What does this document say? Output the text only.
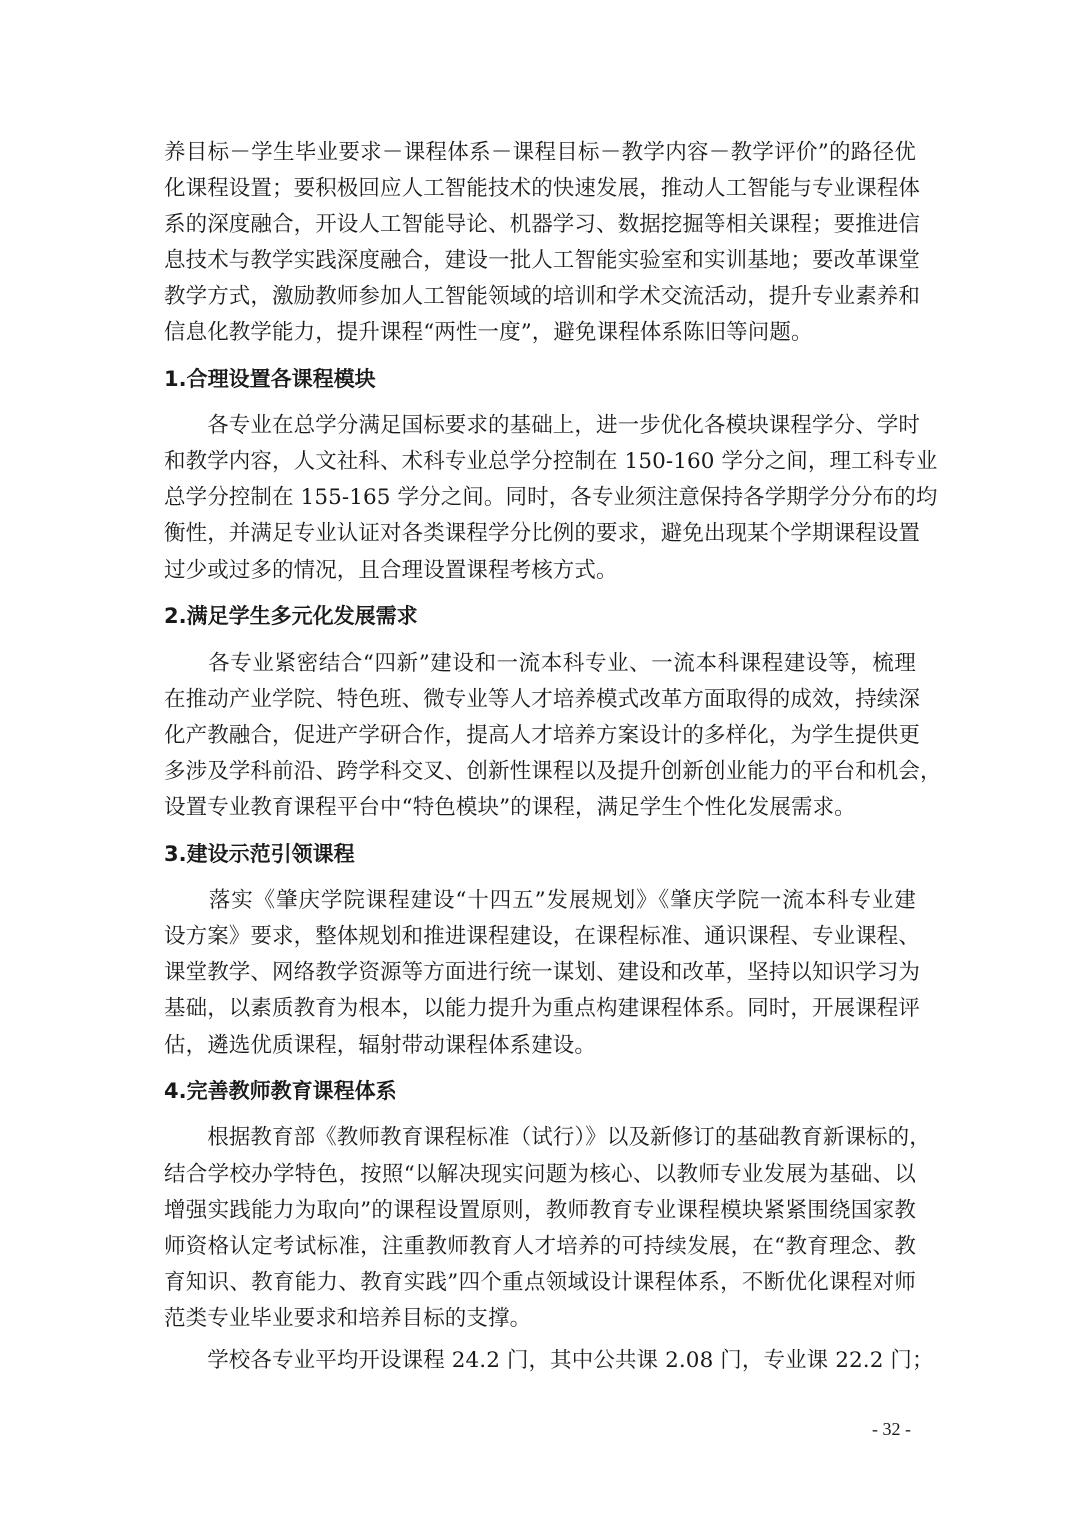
养目标－学生毕业要求－课程体系－课程目标－教学内容－教学评价”的路径优
化课程设置；要积极回应人工智能技术的快速发展，推动人工智能与专业课程体
系的深度融合，开设人工智能导论、机器学习、数据挖掘等相关课程；要推进信
息技术与教学实践深度融合，建设一批人工智能实验室和实训基地；要改革课堂
教学方式，激励教师参加人工智能领域的培训和学术交流活动，提升专业素养和
信息化教学能力，提升课程“两性一度”，避免课程体系陈旧等问题。
1.合理设置各课程模块
　　各专业在总学分满足国标要求的基础上，进一步优化各模块课程学分、学时
和教学内容，人文社科、术科专业总学分控制在 150-160 学分之间，理工科专业
总学分控制在 155-165 学分之间。同时，各专业须注意保持各学期学分分布的均
衡性，并满足专业认证对各类课程学分比例的要求，避免出现某个学期课程设置
过少或过多的情况，且合理设置课程考核方式。
2.满足学生多元化发展需求
　　各专业紧密结合“四新”建设和一流本科专业、一流本科课程建设等，梳理
在推动产业学院、特色班、微专业等人才培养模式改革方面取得的成效，持续深
化产教融合，促进产学研合作，提高人才培养方案设计的多样化，为学生提供更
多涉及学科前沿、跨学科交叉、创新性课程以及提升创新创业能力的平台和机会，
设置专业教育课程平台中“特色模块”的课程，满足学生个性化发展需求。
3.建设示范引领课程
　　落实《肇庆学院课程建设“十四五”发展规划》《肇庆学院一流本科专业建
设方案》要求，整体规划和推进课程建设，在课程标准、通识课程、专业课程、
课堂教学、网络教学资源等方面进行统一谋划、建设和改革，坚持以知识学习为
基础，以素质教育为根本，以能力提升为重点构建课程体系。同时，开展课程评
估，遴选优质课程，辐射带动课程体系建设。
4.完善教师教育课程体系
　　根据教育部《教师教育课程标准（试行）》以及新修订的基础教育新课标的，
结合学校办学特色，按照“以解决现实问题为核心、以教师专业发展为基础、以
增强实践能力为取向”的课程设置原则，教师教育专业课程模块紧紧围绕国家教
师资格认定考试标准，注重教师教育人才培养的可持续发展，在“教育理念、教
育知识、教育能力、教育实践”四个重点领域设计课程体系，不断优化课程对师
范类专业毕业要求和培养目标的支撑。
　　学校各专业平均开设课程 24.2 门，其中公共课 2.08 门，专业课 22.2 门；
- 32 -
